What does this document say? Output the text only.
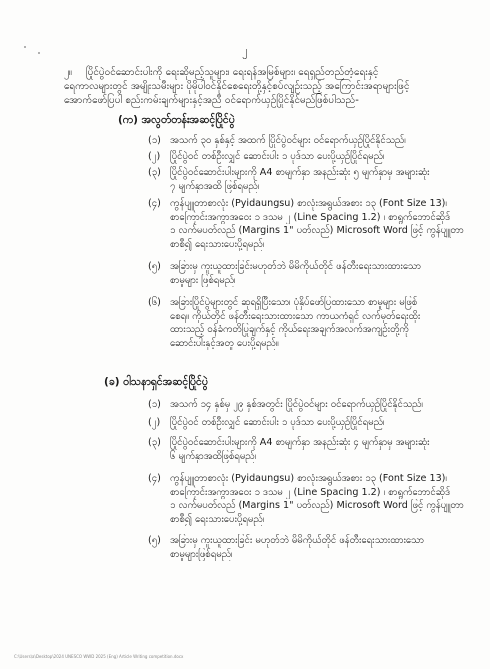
၂

၂။ ပြိုင်ပွဲဝင်ဆောင်းပါးကို ရေးဆိုမည့်သူများ၊ ရေးရန်အမြစ်များ၊ ရေရှည်တည်တံ့ရေးနှင့်

ရေကာလများတွင် အမျိုးသမီးများ ပိုမိုပါဝင်နိုင်စေရေးတို့နှင့်စပ်လျဉ်းသည့် အကြောင်းအရာများဖြင့်

အောက်ဖော်ပြပါ စည်းကမ်းချက်များနှင့်အညီ ဝင်ရောက်ယှဉ်ပြိုင်နိုင်မည်ဖြစ်ပါသည်-

(က) အလွတ်တန်းအဆင့်ပြိုင်ပွဲ
(၁) အသက် ၃၀ နှစ်နှင့် အထက် ပြိုင်ပွဲဝင်များ ဝင်ရောက်ယှဉ်ပြိုင်နိုင်သည်၊
(၂)	ပြိုင်ပွဲဝင် တစ်ဦးလျှင် ဆောင်းပါး ၁ ပုဒ်သာ ပေးပို့ယှဉ်ပြိုင်ရမည်၊
(၃) ပြိုင်ပွဲဝင်ဆောင်းပါးများကို A4 စာမျက်နှာ အနည်းဆုံး ၅ မျက်နှာမှ အများဆုံး
၇ မျက်နှာအထိ ဖြစ်ရမည်၊
(၄) ကွန်ပျူတာစာလုံး (Pyidaungsu) စာလုံးအရွယ်အစား ၁၃ (Font Size 13)၊
စာကြောင်းအကွာအဝေး ၁ ဒသမ ၂ (Line Spacing 1.2) ၊ စာရွက်ဘောင်ဆိုဒ်
၁ လက်မပတ်လည် (Margins 1" ပတ်လည်) Microsoft Word ဖြင့် ကွန်ပျူတာ
စာစီ၍ ရေးသားပေးပို့ရမည်၊
(၅) အခြားမှ ကူးယူထားခြင်းမဟုတ်ဘဲ မိမိကိုယ်တိုင် ဖန်တီးရေးသားထားသော
စာမူများ ဖြစ်ရမည်၊
(၆) အခြားပြိုင်ပွဲများတွင် ဆုရရှိပြီးသော၊ ပုံနှိပ်ဖော်ပြထားသော စာမူများ မဖြစ်
စေရ။ ကိုယ်တိုင် ဖန်တီးရေးသားထားသော ကာယကံရှင် လက်မှတ်ရေးထိုး
ထားသည့် ဝန်ခံကတိပြုချက်နှင့် ကိုယ်ရေးအချက်အလက်အကျဉ်းတို့ကို
ဆောင်းပါးနှင့်အတူ ပေးပို့ရမည်။
(ခ) ဝါသနာရှင်အဆင့်ပြိုင်ပွဲ
(၁) အသက် ၁၄ နှစ်မှ ၂၉ နှစ်အတွင်း ပြိုင်ပွဲဝင်များ ဝင်ရောက်ယှဉ်ပြိုင်နိုင်သည်၊
(၂)	ပြိုင်ပွဲဝင် တစ်ဦးလျှင် ဆောင်းပါး ၁ ပုဒ်သာ ပေးပို့ယှဉ်ပြိုင်ရမည်၊
(၃) ပြိုင်ပွဲဝင်ဆောင်းပါးများကို A4 စာမျက်နှာ အနည်းဆုံး ၄ မျက်နှာမှ အများဆုံး
၆ မျက်နှာအထိဖြစ်ရမည်၊
(၄) ကွန်ပျူတာစာလုံး (Pyidaungsu) စာလုံးအရွယ်အစား ၁၃ (Font Size 13)၊
စာကြောင်းအကွာအဝေး ၁ ဒသမ ၂ (Line Spacing 1.2) ၊ စာရွက်ဘောင်ဆိုဒ်
၁ လက်မပတ်လည် (Margins 1" ပတ်လည်) Microsoft Word ဖြင့် ကွန်ပျူတာ
စာစီ၍ ရေးသားပေးပို့ရမည်၊
(၅) အခြားမှ ကူးယူထားခြင်း မဟုတ်ဘဲ မိမိကိုယ်တိုင် ဖန်တီးရေးသားထားသော
စာမူများဖြစ်ရမည်၊
C:\Users\a\Desktop\2024 UNESCO WWD 2025 (Eng) Article Writing competition.docx
